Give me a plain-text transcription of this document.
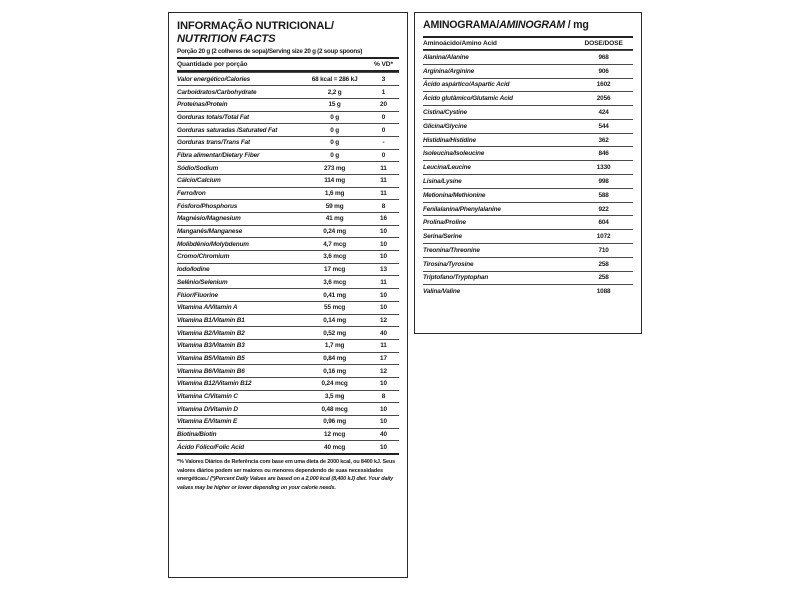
INFORMAÇÃO NUTRICIONAL/
NUTRITION FACTS
Porção 20 g (2 colheres de sopa)/Serving size 20 g (2 soup spoons)
Quantidade por porção		% VD*
Valor energético/Calories	68 kcal = 286 kJ	3
Carboidratos/Carbohydrate	2,2 g	1
Proteínas/Protein	15 g	20
Gorduras totais/Total Fat	0 g	0
Gorduras saturadas /Saturated Fat	0 g	0
Gorduras trans/Trans Fat	0 g	-
Fibra alimentar/Dietary Fiber	0 g	0
Sódio/Sodium	273 mg	11
Cálcio/Calcium	114 mg	11
Ferro/Iron	1,6 mg	11
Fósforo/Phosphorus	59 mg	8
Magnésio/Magnesium	41 mg	16
Manganês/Manganese	0,24 mg	10
Molibdênio/Molybdenum	4,7 mcg	10
Cromo/Chromium	3,6 mcg	10
Iodo/Iodine	17 mcg	13
Selênio/Selenium	3,6 mcg	11
Flúor/Fluorine	0,41 mg	10
Vitamina A/Vitamin A	55 mcg	10
Vitamina B1/Vitamin B1	0,14 mg	12
Vitamina B2/Vitamin B2	0,52 mg	40
Vitamina B3/Vitamin B3	1,7 mg	11
Vitamina B5/Vitamin B5	0,84 mg	17
Vitamina B6/Vitamin B6	0,16 mg	12
Vitamina B12/Vitamin B12	0,24 mcg	10
Vitamina C/Vitamin C	3,5 mg	8
Vitamina D/Vitamin D	0,48 mcg	10
Vitamina E/Vitamin E	0,96 mg	10
Biotina/Biotin	12 mcg	40
Ácido Fólico/Folic Acid	40 mcg	10
*% Valores Diários de Referência com base em uma dieta de 2000 kcal, ou 8400 kJ. Seus valores diários podem ser maiores ou menores dependendo de suas necessidades energéticas./ (*)Percent Daily Values are based on a 2,000 kcal (8,400 kJ) diet. Your daily values may be higher or lower depending on your calorie needs.
AMINOGRAMA/AMINOGRAM / mg
Aminoácido/Amino Acid	DOSE/DOSE
Alanina/Alanine	968
Arginina/Arginine	906
Ácido aspártico/Aspartic Acid	1602
Ácido glutâmico/Glutamic Acid	2056
Cistina/Cystine	424
Glicina/Glycine	544
Histidina/Histidine	362
Isoleucina/Isoleucine	846
Leucina/Leucine	1330
Lisina/Lysine	998
Metionina/Methionine	588
Fenilalanina/Phenylalanine	922
Prolina/Proline	604
Serina/Serine	1072
Treonina/Threonine	710
Tirosina/Tyrosine	258
Triptofano/Tryptophan	258
Valina/Valine	1088
